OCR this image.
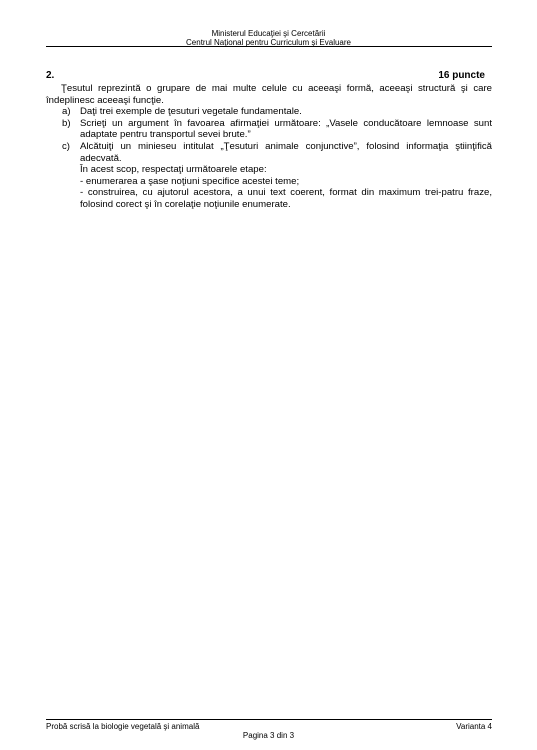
Ministerul Educaţiei şi Cercetării
Centrul Naţional pentru Curriculum şi Evaluare
2.	16 puncte

Ţesutul reprezintă o grupare de mai multe celule cu aceeaşi formă, aceeaşi structură şi care îndeplinesc aceeaşi funcţie.

a) Daţi trei exemple de ţesuturi vegetale fundamentale.

b) Scrieţi un argument în favoarea afirmaţiei următoare: „Vasele conducătoare lemnoase sunt adaptate pentru transportul sevei brute.”

c) Alcătuiţi un minieseu intitulat „Ţesuturi animale conjunctive”, folosind informaţia ştiinţifică adecvată.

În acest scop, respectaţi următoarele etape:

- enumerarea a şase noţiuni specifice acestei teme;

- construirea, cu ajutorul acestora, a unui text coerent, format din maximum trei-patru fraze, folosind corect şi în corelaţie noţiunile enumerate.

Probă scrisă la biologie vegetală şi animală	Varianta 4
Pagina 3 din 3
